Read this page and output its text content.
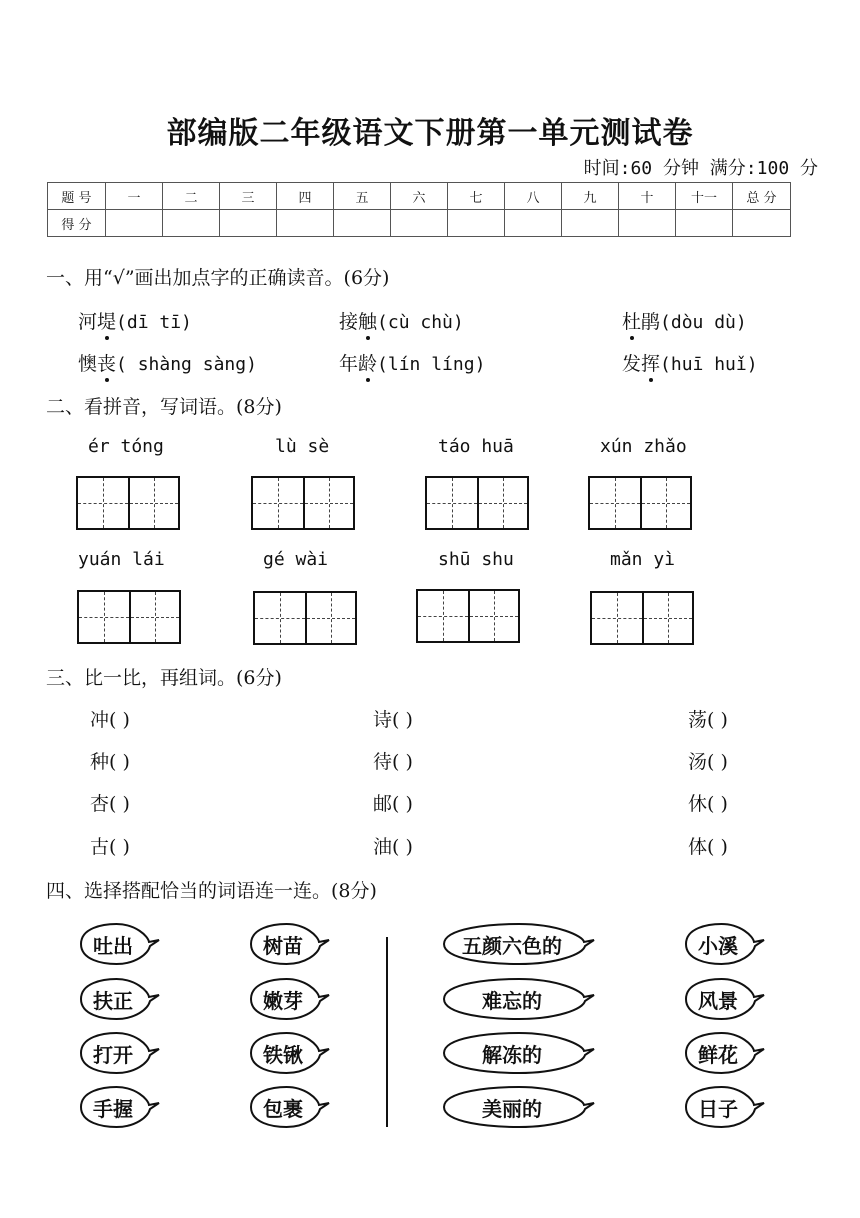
部编版二年级语文下册第一单元测试卷
时间:60 分钟 满分:100 分
题 号	一	二	三	四	五	六	七	八	九	十	十一	总 分
得 分												
一、用“√”画出加点字的正确读音。(6分)
河堤(dī tī)	接触(cù chù)	杜鹃(dòu dù)
懊丧( shàng sàng)	年龄(lín líng)	发挥(huī huǐ)
二、看拼音，写词语。(8分)
ér tóng	lù sè	táo huā	xún zhǎo
yuán lái	gé wài	shū shu	mǎn yì
三、比一比，再组词。(6分)
冲( )	诗( )	荡( )
种( )	待( )	汤( )
杏( )	邮( )	休( )
古( )	油( )	体( )
四、选择搭配恰当的词语连一连。(8分)
吐出
扶正
打开
手握
树苗
嫩芽
铁锹
包裹
五颜六色的
难忘的
解冻的
美丽的
小溪
风景
鲜花
日子
